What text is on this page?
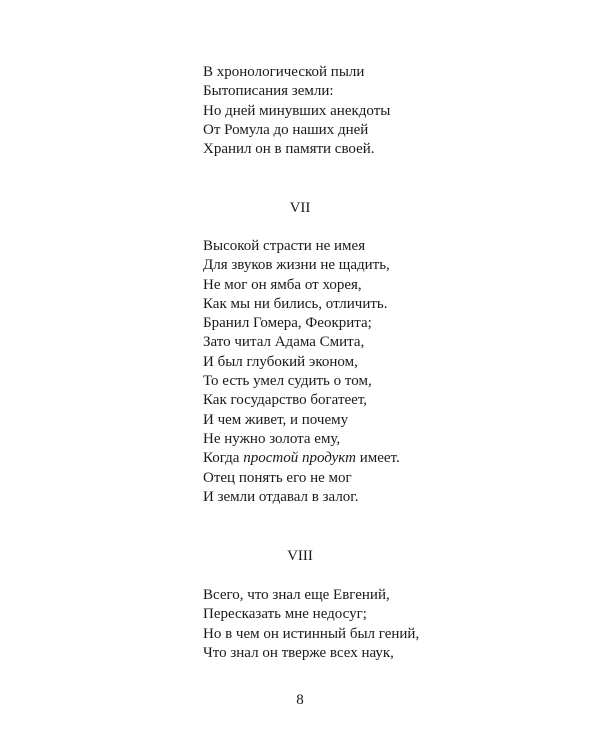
В хронологической пыли
Бытописания земли:
Но дней минувших анекдоты
От Ромула до наших дней
Хранил он в памяти своей.
VII
Высокой страсти не имея
Для звуков жизни не щадить,
Не мог он ямба от хорея,
Как мы ни бились, отличить.
Бранил Гомера, Феокрита;
Зато читал Адама Смита,
И был глубокий эконом,
То есть умел судить о том,
Как государство богатеет,
И чем живет, и почему
Не нужно золота ему,
Когда простой продукт имеет.
Отец понять его не мог
И земли отдавал в залог.
VIII
Всего, что знал еще Евгений,
Пересказать мне недосуг;
Но в чем он истинный был гений,
Что знал он тверже всех наук,
8
